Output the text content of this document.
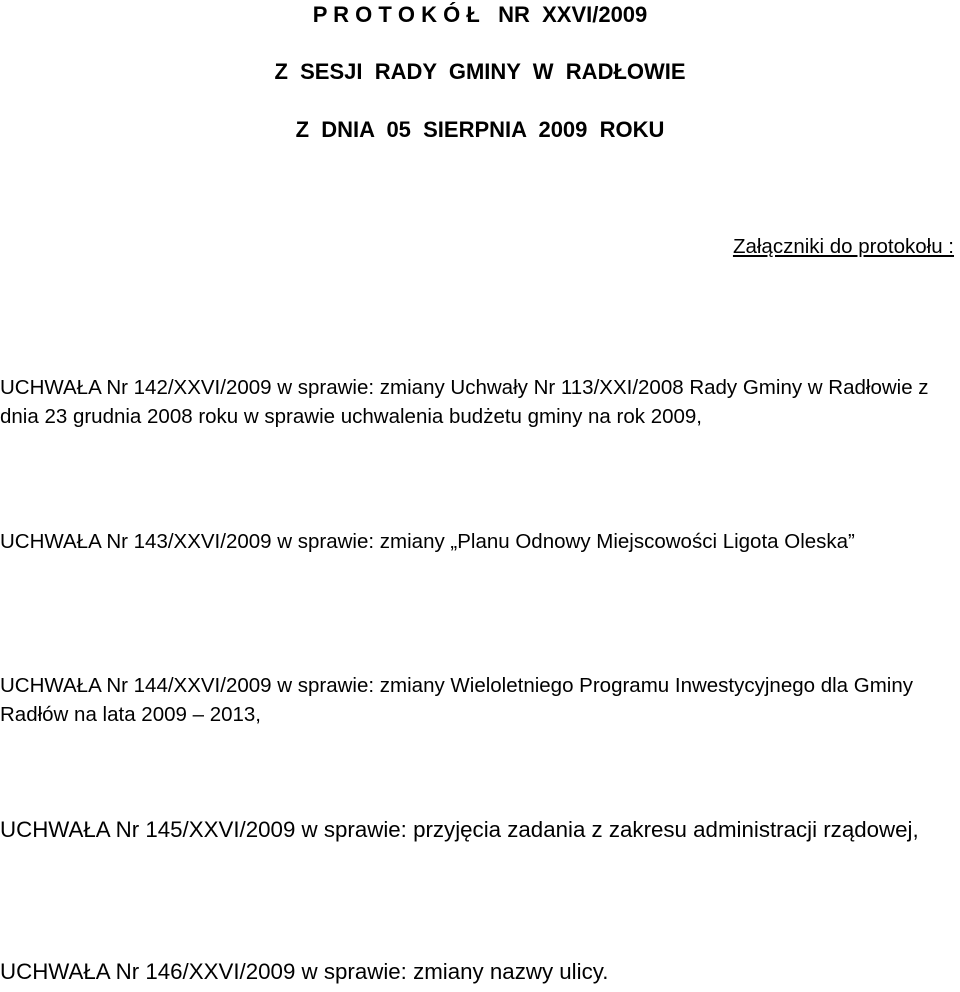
P R O T O K Ó Ł   NR  XXVI/2009
Z  SESJI  RADY  GMINY  W  RADŁOWIE
Z  DNIA  05  SIERPNIA  2009  ROKU
Załączniki do protokołu :
UCHWAŁA Nr 142/XXVI/2009 w sprawie: zmiany Uchwały Nr 113/XXI/2008 Rady Gminy w Radłowie z dnia 23 grudnia 2008 roku w sprawie uchwalenia budżetu gminy na rok 2009,
UCHWAŁA Nr 143/XXVI/2009 w sprawie: zmiany „Planu Odnowy Miejscowości Ligota Oleska”
UCHWAŁA Nr 144/XXVI/2009 w sprawie: zmiany Wieloletniego Programu Inwestycyjnego dla Gminy Radłów na lata 2009 – 2013,
UCHWAŁA Nr 145/XXVI/2009 w sprawie: przyjęcia zadania z zakresu administracji rządowej,
UCHWAŁA Nr 146/XXVI/2009 w sprawie: zmiany nazwy ulicy.
